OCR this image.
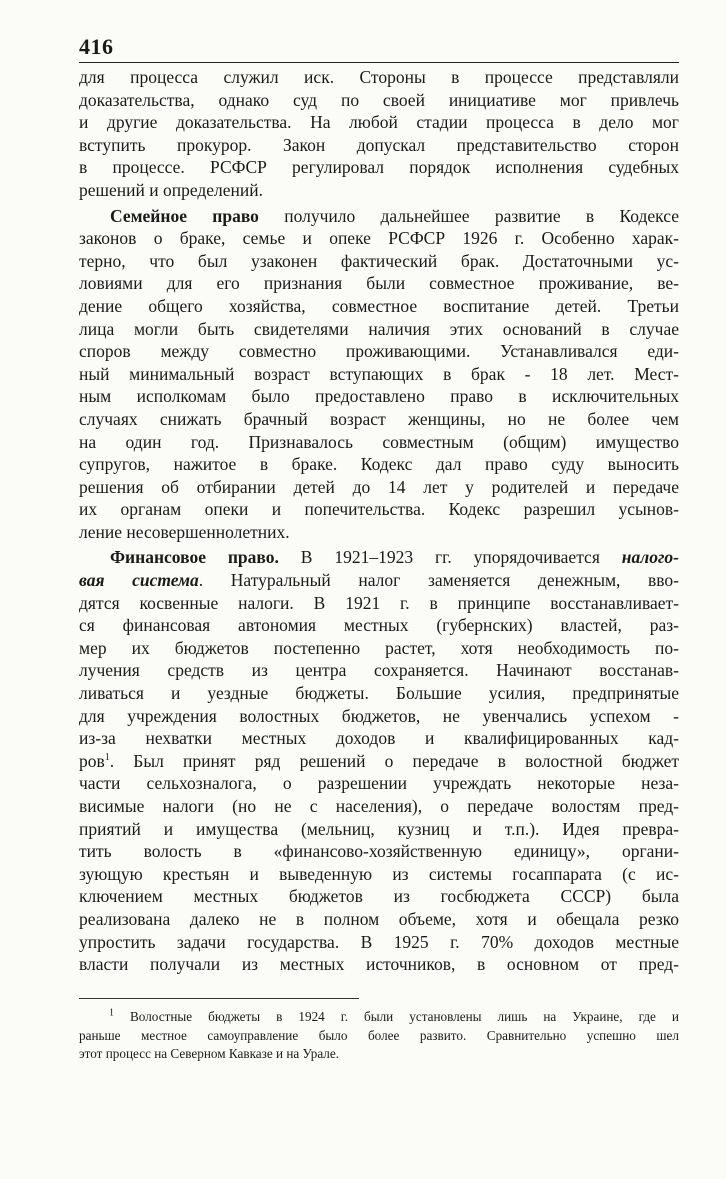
416
для процесса служил иск. Стороны в процессе представляли
доказательства, однако суд по своей инициативе мог привлечь
и другие доказательства. На любой стадии процесса в дело мог
вступить прокурор. Закон допускал представительство сторон
в процессе. РСФСР регулировал порядок исполнения судебных
решений и определений.
Семейное право получило дальнейшее развитие в Кодексе
законов о браке, семье и опеке РСФСР 1926 г. Особенно харак-
терно, что был узаконен фактический брак. Достаточными ус-
ловиями для его признания были совместное проживание, ве-
дение общего хозяйства, совместное воспитание детей. Третьи
лица могли быть свидетелями наличия этих оснований в случае
споров между совместно проживающими. Устанавливался еди-
ный минимальный возраст вступающих в брак - 18 лет. Мест-
ным исполкомам было предоставлено право в исключительных
случаях снижать брачный возраст женщины, но не более чем
на один год. Признавалось совместным (общим) имущество
супругов, нажитое в браке. Кодекс дал право суду выносить
решения об отбирании детей до 14 лет у родителей и передаче
их органам опеки и попечительства. Кодекс разрешил усынов-
ление несовершеннолетних.
Финансовое право. В 1921–1923 гг. упорядочивается налого-
вая система. Натуральный налог заменяется денежным, вво-
дятся косвенные налоги. В 1921 г. в принципе восстанавливает-
ся финансовая автономия местных (губернских) властей, раз-
мер их бюджетов постепенно растет, хотя необходимость по-
лучения средств из центра сохраняется. Начинают восстанав-
ливаться и уездные бюджеты. Большие усилия, предпринятые
для учреждения волостных бюджетов, не увенчались успехом -
из-за нехватки местных доходов и квалифицированных кад-
ров$^1$. Был принят ряд решений о передаче в волостной бюджет
части сельхозналога, о разрешении учреждать некоторые неза-
висимые налоги (но не с населения), о передаче волостям пред-
приятий и имущества (мельниц, кузниц и т.п.). Идея превра-
тить волость в «финансово-хозяйственную единицу», органи-
зующую крестьян и выведенную из системы госаппарата (с ис-
ключением местных бюджетов из госбюджета СССР) была
реализована далеко не в полном объеме, хотя и обещала резко
упростить задачи государства. В 1925 г. 70% доходов местные
власти получали из местных источников, в основном от пред-
$^1$ Волостные бюджеты в 1924 г. были установлены лишь на Украине, где и
раньше местное самоуправление было более развито. Сравнительно успешно шел
этот процесс на Северном Кавказе и на Урале.
